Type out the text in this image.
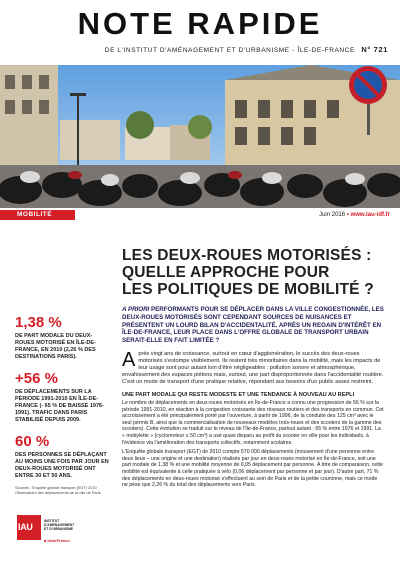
NOTE RAPIDE
DE L'INSTITUT D'AMÉNAGEMENT ET D'URBANISME - ÎLE-DE-FRANCE N° 721
MOBILITÉ	Juin 2016 • www.iau-idf.fr

1,38 %

DE PART MODALE DU DEUX-ROUES MOTORISÉ EN ÎLE-DE-FRANCE, EN 2010 (2,26 % DES DESTINATIONS PARIS).

+56 %

DE DÉPLACEMENTS SUR LA PÉRIODE 1991-2010 EN ÎLE-DE-FRANCE (- 65 % DE BAISSE 1976-1991). TRAFIC DANS PARIS STABILISÉ DEPUIS 2009.

60 %

DES PERSONNES SE DÉPLAÇANT AU MOINS UNE FOIS PAR JOUR EN DEUX-ROUES MOTORISÉ ONT ENTRE 30 ET 50 ANS.

Sources : Enquête globale transport (EGT) 2010, Observatoire des déplacements de la ville de Paris.
IAU
INSTITUT
D'AMÉNAGEMENT
ET D'URBANISME
■ îledeFrance
LES DEUX-ROUES MOTORISÉS :
QUELLE APPROCHE POUR
LES POLITIQUES DE MOBILITÉ ?
A PRIORI PERFORMANTS POUR SE DÉPLACER DANS LA VILLE CONGESTIONNÉE, LES DEUX-ROUES MOTORISÉS SONT CEPENDANT SOURCES DE NUISANCES ET PRÉSENTENT UN LOURD BILAN D'ACCIDENTALITÉ. APRÈS UN REGAIN D'INTÉRÊT EN ÎLE-DE-FRANCE, LEUR PLACE DANS L'OFFRE GLOBALE DE TRANSPORT URBAIN SERAIT-ELLE EN FAIT LIMITÉE ?
Après vingt ans de croissance, surtout en cœur d'agglomération, le succès des deux-roues motorisés s'estompe visiblement. Ils restent très minoritaires dans la mobilité, mais les impacts de leur usage sont pour autant loin d'être négligeables : pollution sonore et atmosphérique, envahissement des espaces piétons mais, surtout, une part disproportionnée dans l'accidentalité routière. C'est un mode de transport d'une pratique relative, répondant aux besoins d'un public assez restreint.
UNE PART MODALE QUI RESTE MODESTE ET UNE TENDANCE À NOUVEAU AU REPLI
Le nombre de déplacements en deux-roues motorisés en Île-de-France a connu une progression de 56 % sur la période 1991-2010, en réaction à la congestion croissante des réseaux routiers et des transports en commun. Cet accroissement a été principalement porté par l'ouverture, à partir de 1996, de la conduite des 125 cm³ avec le seul permis B, ainsi que la commercialisation de nouveaux modèles trois-roues et des scooters de la gamme des scooters). Cette évolution se traduit sur le niveau de l'Île-de-France, partout autant : 65 % entre 1976 et 1991. La « mobylette » (cyclomoteur ≤ 50 cm³) a usé quasi disparu au profit du scooter en ville pour les individuels, à l'évidence via l'amélioration des transports collectifs, notamment scolaires.
L'Enquête globale transport (EGT) de 2010 compte 570 000 déplacements (mouvement d'une personne entre deux lieux – une origine et une destination) réalisés par jour en deux-roues motorisé en Île-de-France, soit une part modale de 1,38 % et une mobilité moyenne de 0,05 déplacement par personne. À titre de comparaison, cette mobilité est équivalente à celle pratiquée à vélo (0,06 déplacement par personne et par jour). D'autre part, 71 % des déplacements en deux-roues motorisé s'effectuent au sein de Paris et de la petite couronne, mais ce mode ne pèse que 2,26 % du total des déplacements vers Paris.
